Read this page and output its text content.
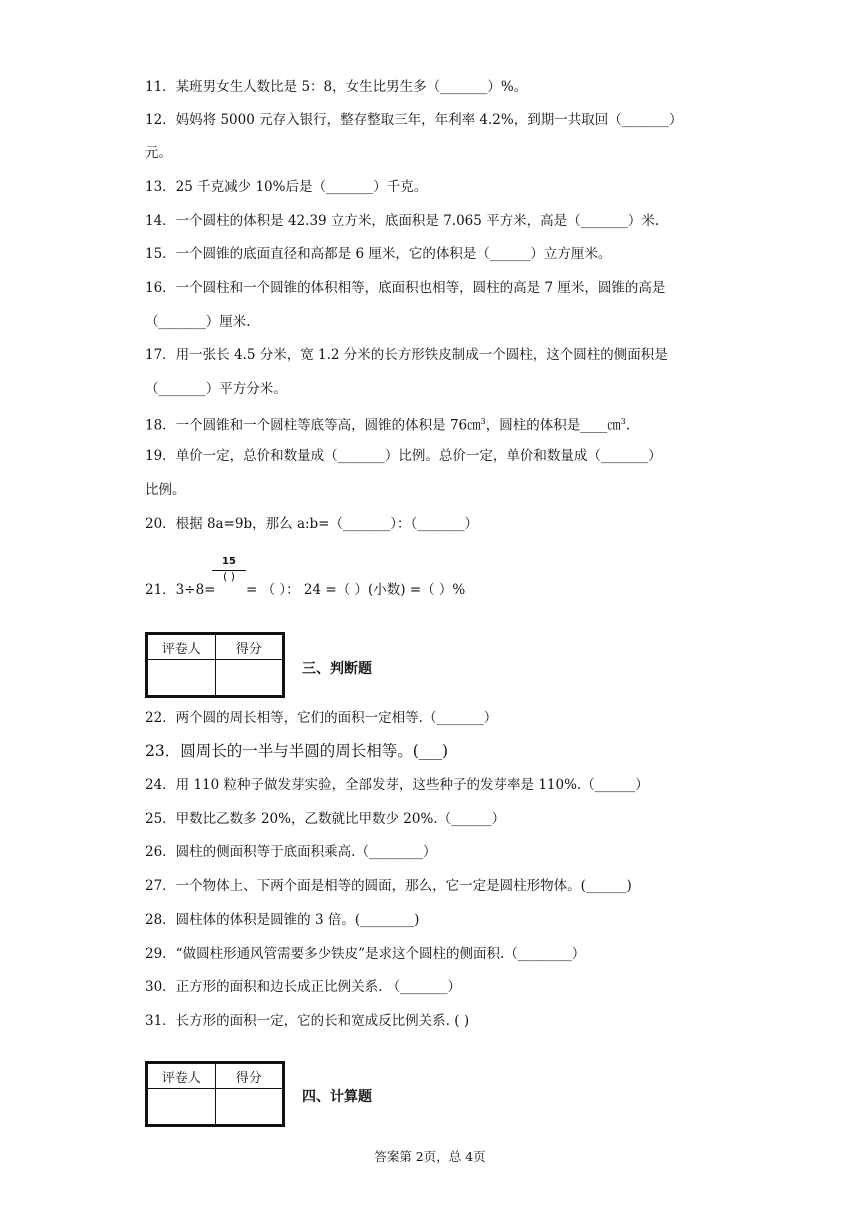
11．某班男女生人数比是 5：8，女生比男生多（_______）%。
12．妈妈将 5000 元存入银行，整存整取三年，年利率 4.2%，到期一共取回（_______）
元。
13．25 千克减少 10%后是（_______）千克。
14．一个圆柱的体积是 42.39 立方米，底面积是 7.065 平方米，高是（_______）米.
15．一个圆锥的底面直径和高都是 6 厘米，它的体积是（______）立方厘米。
16．一个圆柱和一个圆锥的体积相等，底面积也相等，圆柱的高是 7 厘米，圆锥的高是
（_______）厘米.
17．用一张长 4.5 分米，宽 1.2 分米的长方形铁皮制成一个圆柱，这个圆柱的侧面积是
（_______）平方分米。
18．一个圆锥和一个圆柱等底等高，圆锥的体积是 76㎝$^3$，圆柱的体积是____㎝$^3$.
19．单价一定，总价和数量成（_______）比例。总价一定，单价和数量成（_______）
比例。
20．根据 8a=9b，那么 a:b=（_______）：（_______）
21．3÷8=
15
( )
= （ ）： 24 =（ ）(小数) =（ ）%
评卷人	得分

三、判断题
22．两个圆的周长相等，它们的面积一定相等.（_______）
23．圆周长的一半与半圆的周长相等。(___)
24．用 110 粒种子做发芽实验，全部发芽，这些种子的发芽率是 110%.（______）
25．甲数比乙数多 20%，乙数就比甲数少 20%.（______）
26．圆柱的侧面积等于底面积乘高.（________）
27．一个物体上、下两个面是相等的圆面，那么，它一定是圆柱形物体。(______)
28．圆柱体的体积是圆锥的 3 倍。(________)
29．“做圆柱形通风管需要多少铁皮”是求这个圆柱的侧面积.（________）
30．正方形的面积和边长成正比例关系. （_______）
31．长方形的面积一定，它的长和宽成反比例关系. ( )
评卷人	得分

四、计算题
答案第 2页，总 4页
